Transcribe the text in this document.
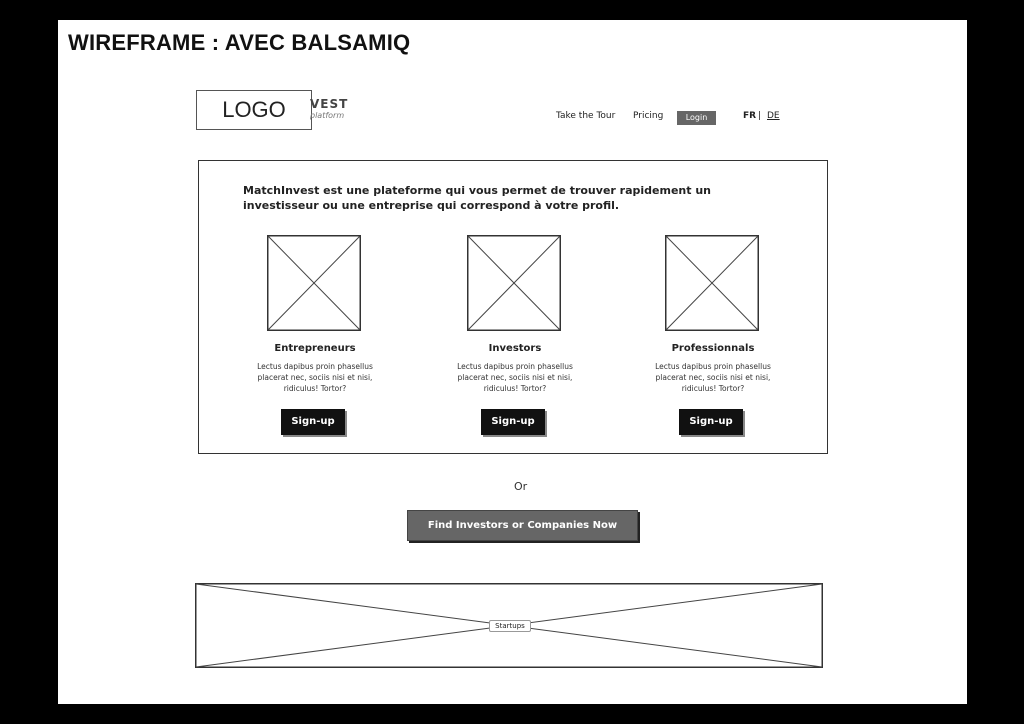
WIREFRAME : AVEC BALSAMIQ
LOGO	VEST
platform	Take the Tour Pricing	Login	FR | DE
MatchInvest est une plateforme qui vous permet de trouver rapidement un investisseur ou une entreprise qui correspond à votre profil.
Entrepreneurs
Lectus dapibus proin phasellus placerat nec, sociis nisi et nisi, ridiculus! Tortor?
Sign-up
Investors
Lectus dapibus proin phasellus placerat nec, sociis nisi et nisi, ridiculus! Tortor?
Sign-up
Professionnals
Lectus dapibus proin phasellus placerat nec, sociis nisi et nisi, ridiculus! Tortor?
Sign-up
Or
Find Investors or Companies Now
Startups
